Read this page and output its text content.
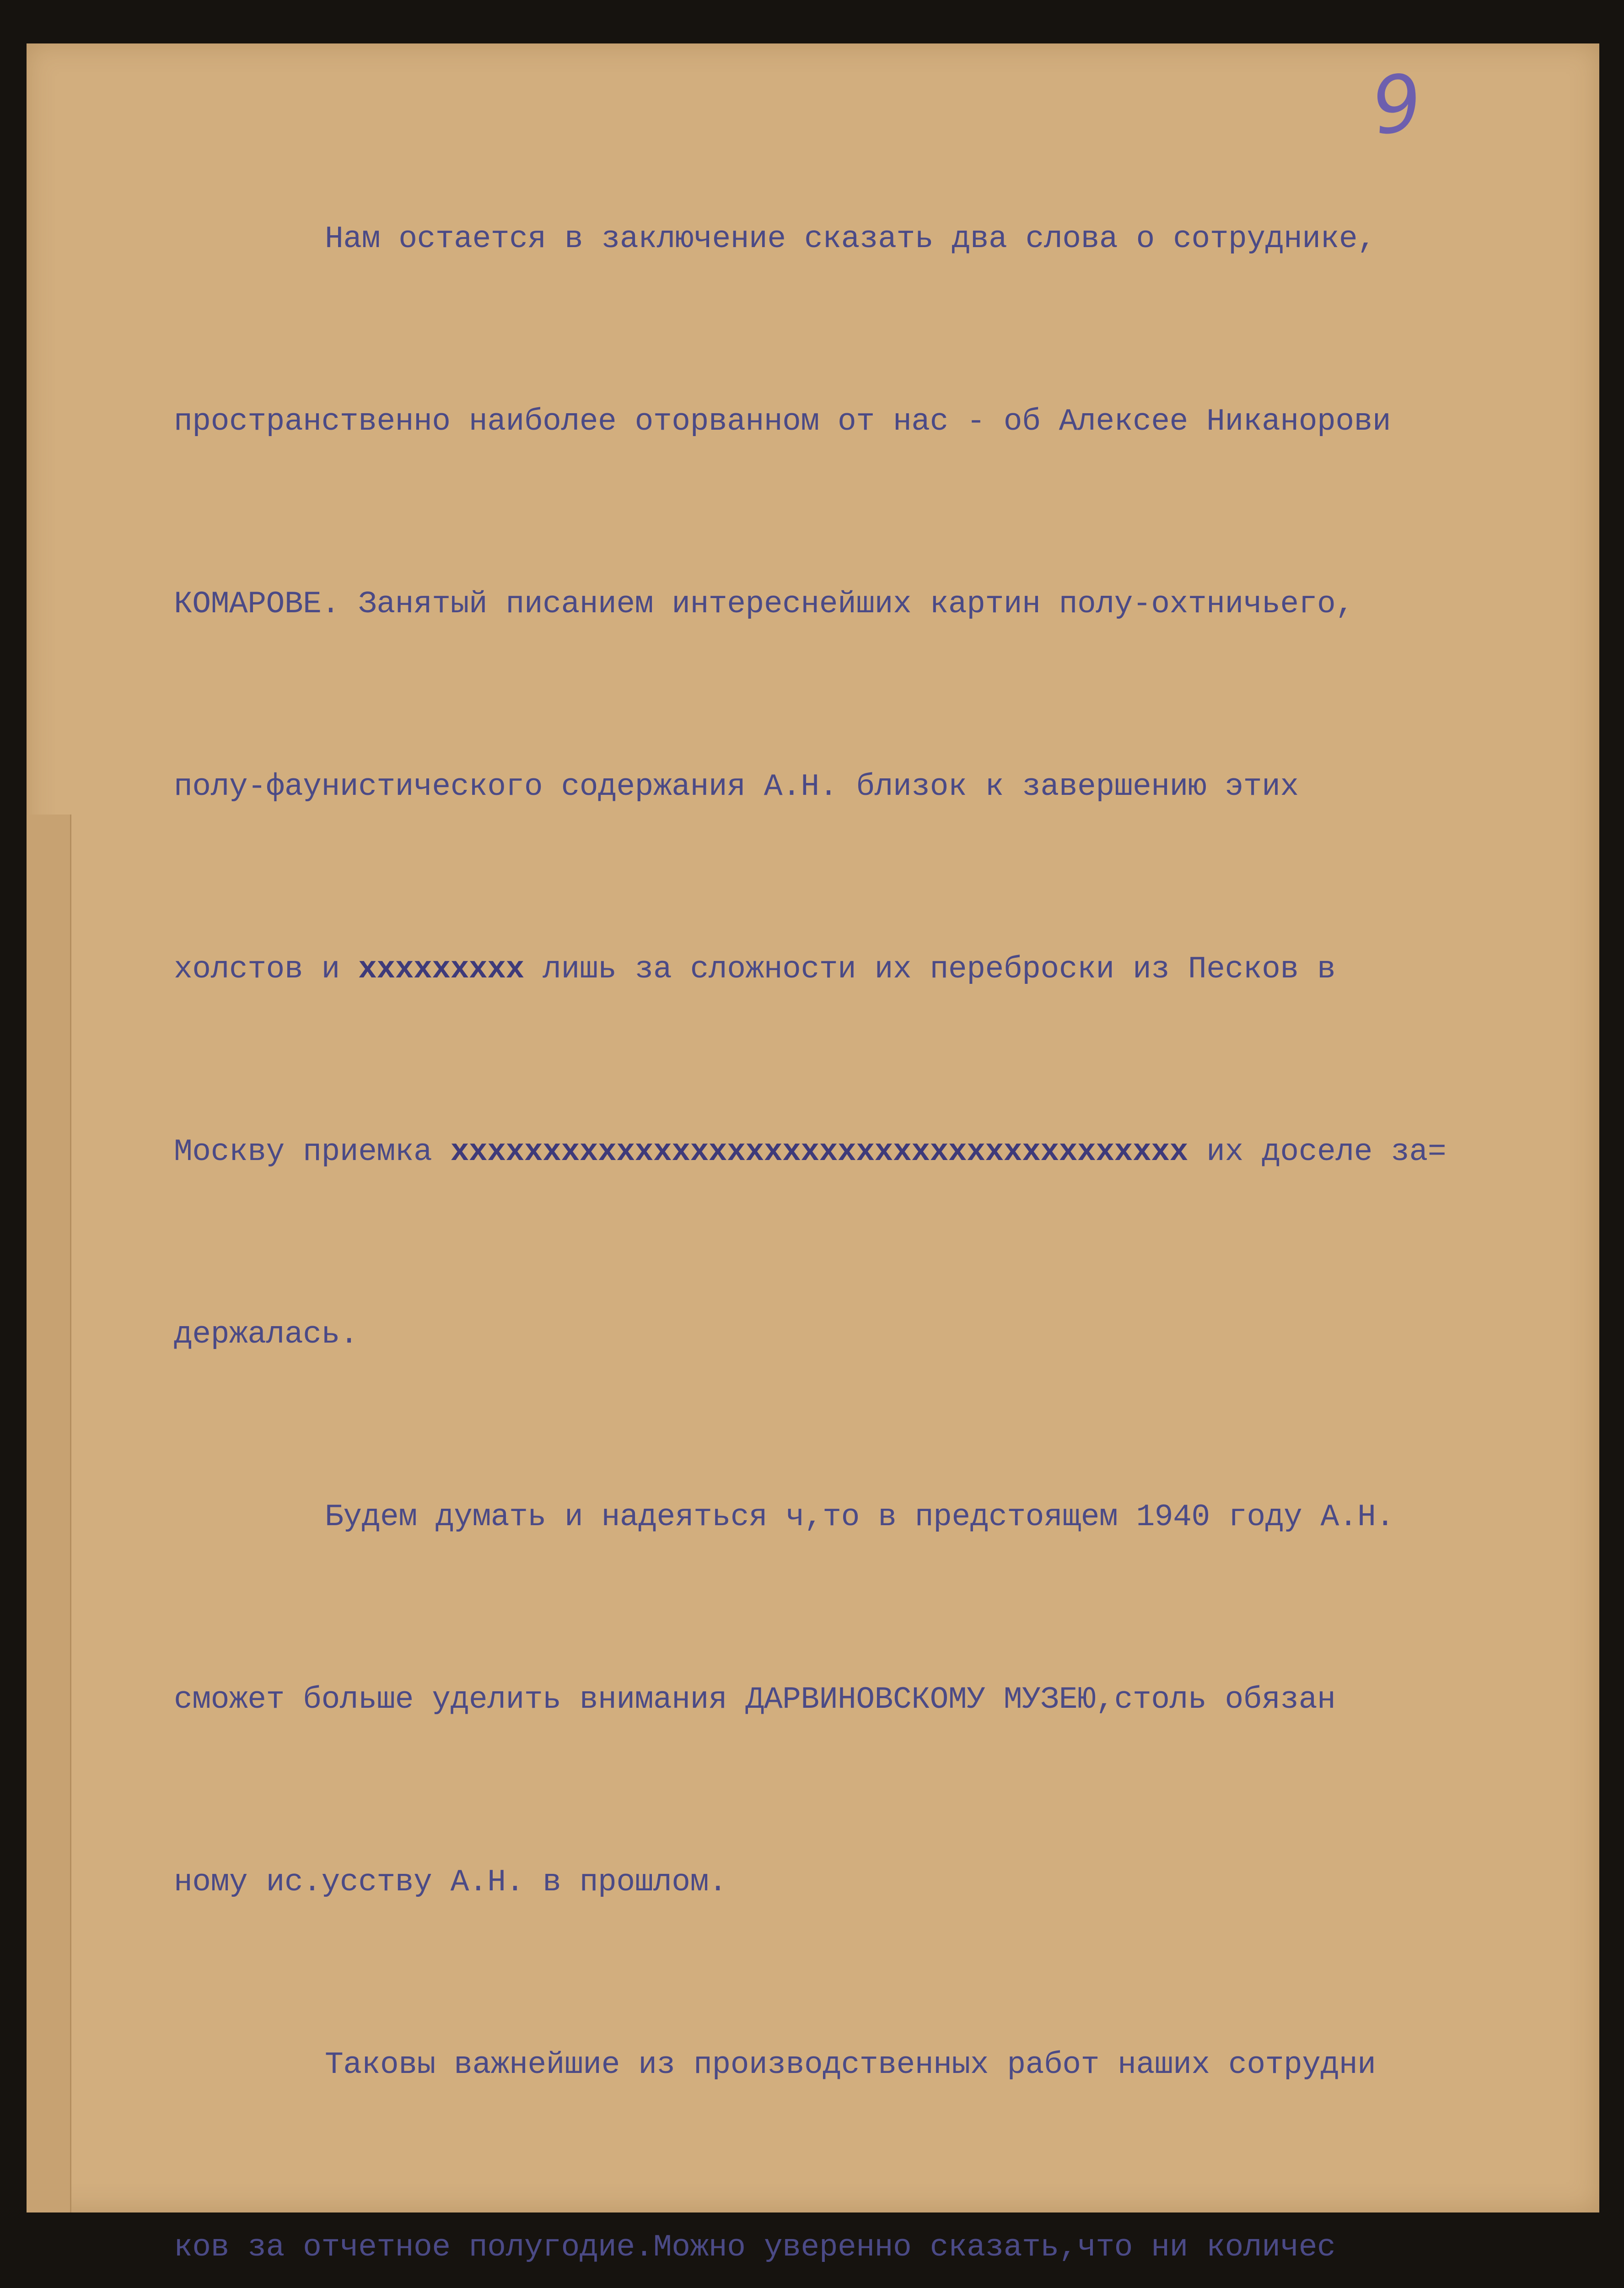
9

Нам остается в заключение сказать два слова о сотруднике,

пространственно наиболее оторванном от нас - об Алексее Никанорови

КОМАРОВЕ. Занятый писанием интереснейших картин полу-охтничьего,

полу-фаунистического содержания А.Н. близок к завершению этих

холстов и xxxxxxxxx лишь за сложности их переброски из Песков в

Москву приемка xxxxxxxxxxxxxxxxxxxxxxxxxxxxxxxxxxxxxxxx их доселе за=

держалась.

Будем думать и надеяться ч,то в предстоящем 1940 году А.Н.

сможет больше уделить внимания ДАРВИНОВСКОМУ МУЗЕЮ,столь обязан

ному ис.усству А.Н. в прошлом.

Таковы важнейшие из производственных работ наших сотрудни

ков за отчетное полугодие.Можно уверенно сказать,что ни количес
